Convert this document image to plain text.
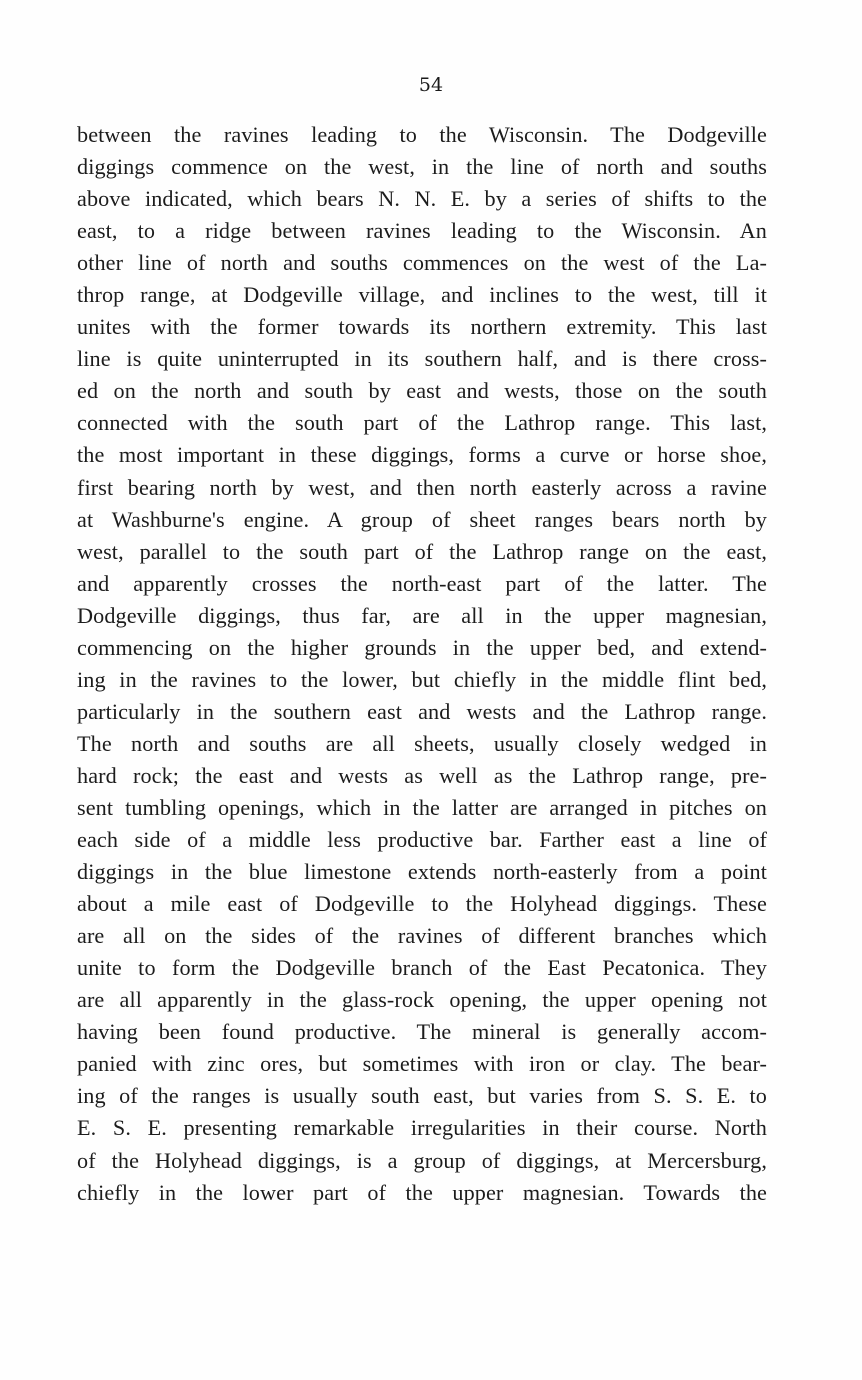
54
between the ravines leading to the Wisconsin. The Dodgeville
diggings commence on the west, in the line of north and souths
above indicated, which bears N. N. E. by a series of shifts to the
east, to a ridge between ravines leading to the Wisconsin. An
other line of north and souths commences on the west of the La-
throp range, at Dodgeville village, and inclines to the west, till it
unites with the former towards its northern extremity. This last
line is quite uninterrupted in its southern half, and is there cross-
ed on the north and south by east and wests, those on the south
connected with the south part of the Lathrop range. This last,
the most important in these diggings, forms a curve or horse shoe,
first bearing north by west, and then north easterly across a ravine
at Washburne's engine. A group of sheet ranges bears north by
west, parallel to the south part of the Lathrop range on the east,
and apparently crosses the north-east part of the latter. The
Dodgeville diggings, thus far, are all in the upper magnesian,
commencing on the higher grounds in the upper bed, and extend-
ing in the ravines to the lower, but chiefly in the middle flint bed,
particularly in the southern east and wests and the Lathrop range.
The north and souths are all sheets, usually closely wedged in
hard rock; the east and wests as well as the Lathrop range, pre-
sent tumbling openings, which in the latter are arranged in pitches on
each side of a middle less productive bar. Farther east a line of
diggings in the blue limestone extends north-easterly from a point
about a mile east of Dodgeville to the Holyhead diggings. These
are all on the sides of the ravines of different branches which
unite to form the Dodgeville branch of the East Pecatonica. They
are all apparently in the glass-rock opening, the upper opening not
having been found productive. The mineral is generally accom-
panied with zinc ores, but sometimes with iron or clay. The bear-
ing of the ranges is usually south east, but varies from S. S. E. to
E. S. E. presenting remarkable irregularities in their course. North
of the Holyhead diggings, is a group of diggings, at Mercersburg,
chiefly in the lower part of the upper magnesian. Towards the
